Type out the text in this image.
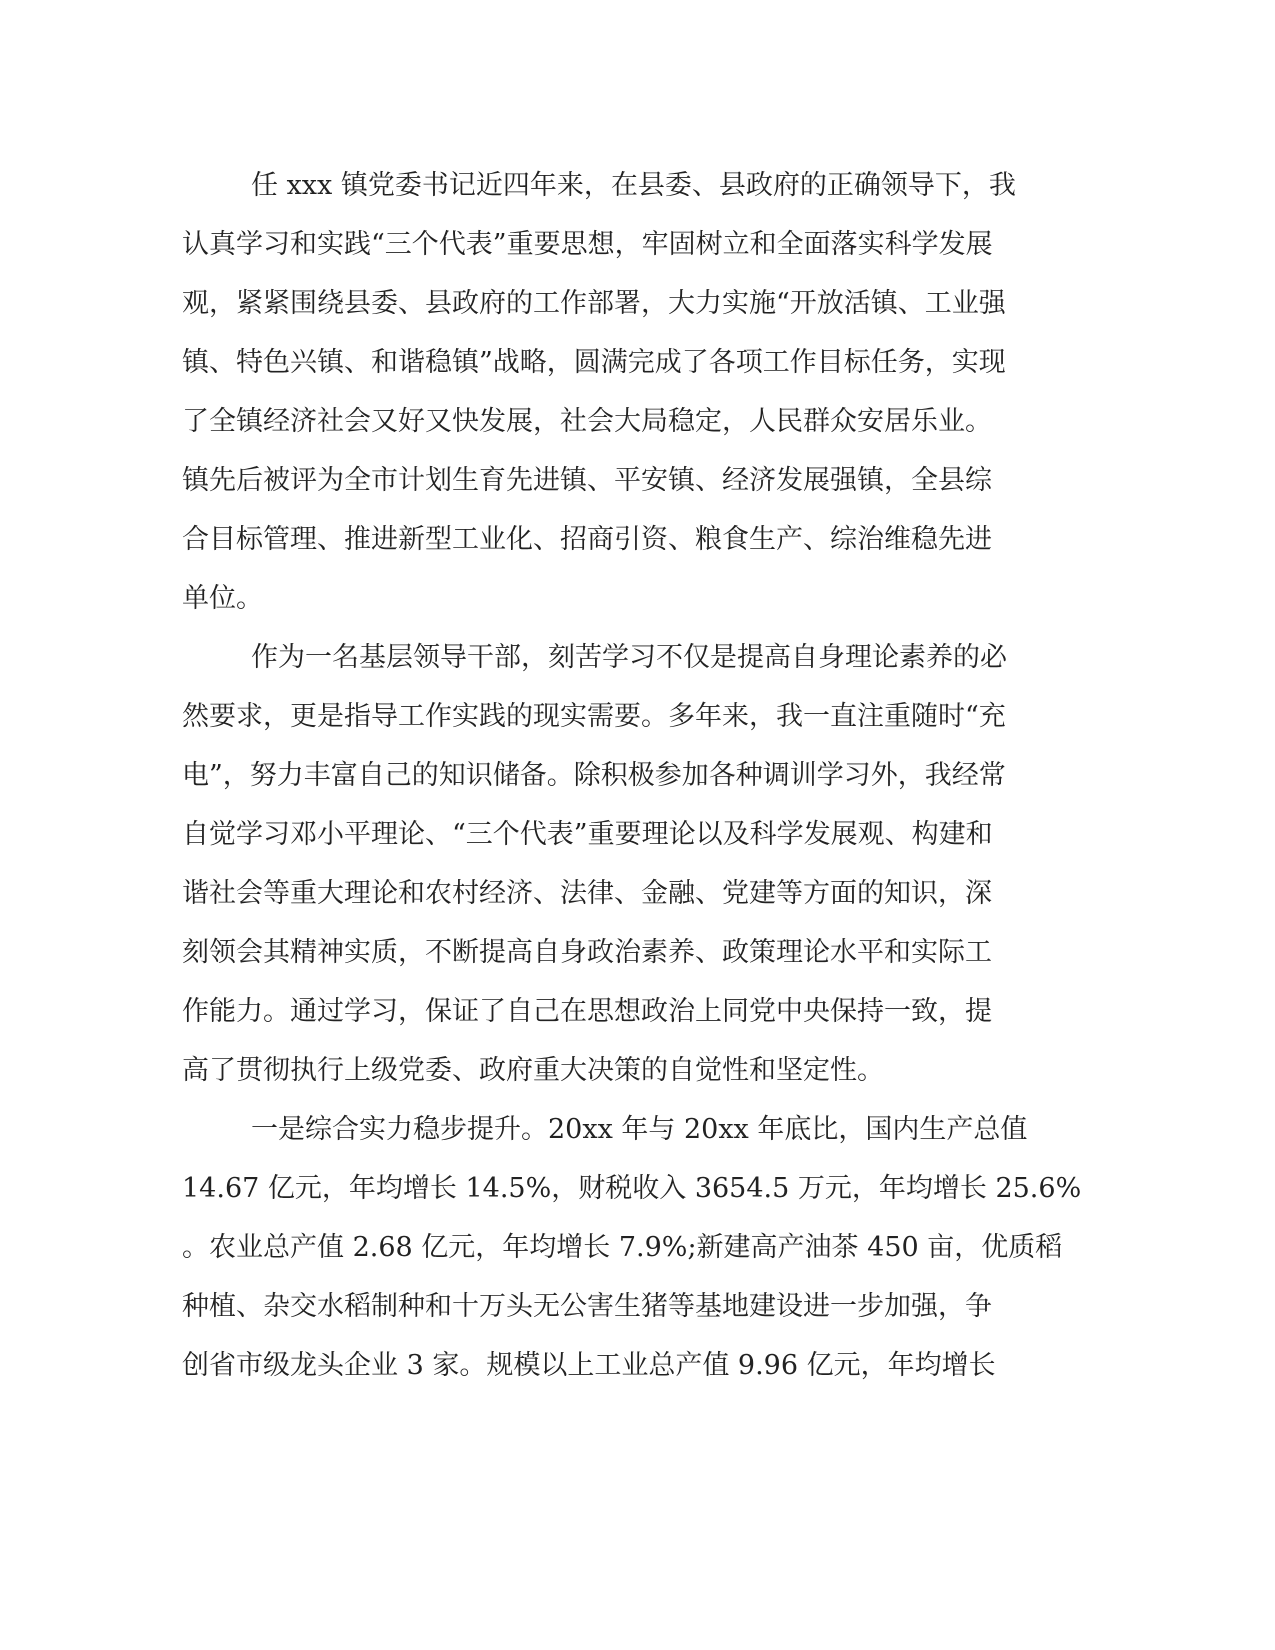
任 xxx 镇党委书记近四年来，在县委、县政府的正确领导下，我
认真学习和实践“三个代表”重要思想，牢固树立和全面落实科学发展
观，紧紧围绕县委、县政府的工作部署，大力实施“开放活镇、工业强
镇、特色兴镇、和谐稳镇”战略，圆满完成了各项工作目标任务，实现
了全镇经济社会又好又快发展，社会大局稳定，人民群众安居乐业。
镇先后被评为全市计划生育先进镇、平安镇、经济发展强镇，全县综
合目标管理、推进新型工业化、招商引资、粮食生产、综治维稳先进
单位。
作为一名基层领导干部，刻苦学习不仅是提高自身理论素养的必
然要求，更是指导工作实践的现实需要。多年来，我一直注重随时“充
电”，努力丰富自己的知识储备。除积极参加各种调训学习外，我经常
自觉学习邓小平理论、“三个代表”重要理论以及科学发展观、构建和
谐社会等重大理论和农村经济、法律、金融、党建等方面的知识，深
刻领会其精神实质，不断提高自身政治素养、政策理论水平和实际工
作能力。通过学习，保证了自己在思想政治上同党中央保持一致，提
高了贯彻执行上级党委、政府重大决策的自觉性和坚定性。
一是综合实力稳步提升。20xx 年与 20xx 年底比，国内生产总值
14.67 亿元，年均增长 14.5%，财税收入 3654.5 万元，年均增长 25.6%
。农业总产值 2.68 亿元，年均增长 7.9%;新建高产油茶 450 亩，优质稻
种植、杂交水稻制种和十万头无公害生猪等基地建设进一步加强，争
创省市级龙头企业 3 家。规模以上工业总产值 9.96 亿元，年均增长
